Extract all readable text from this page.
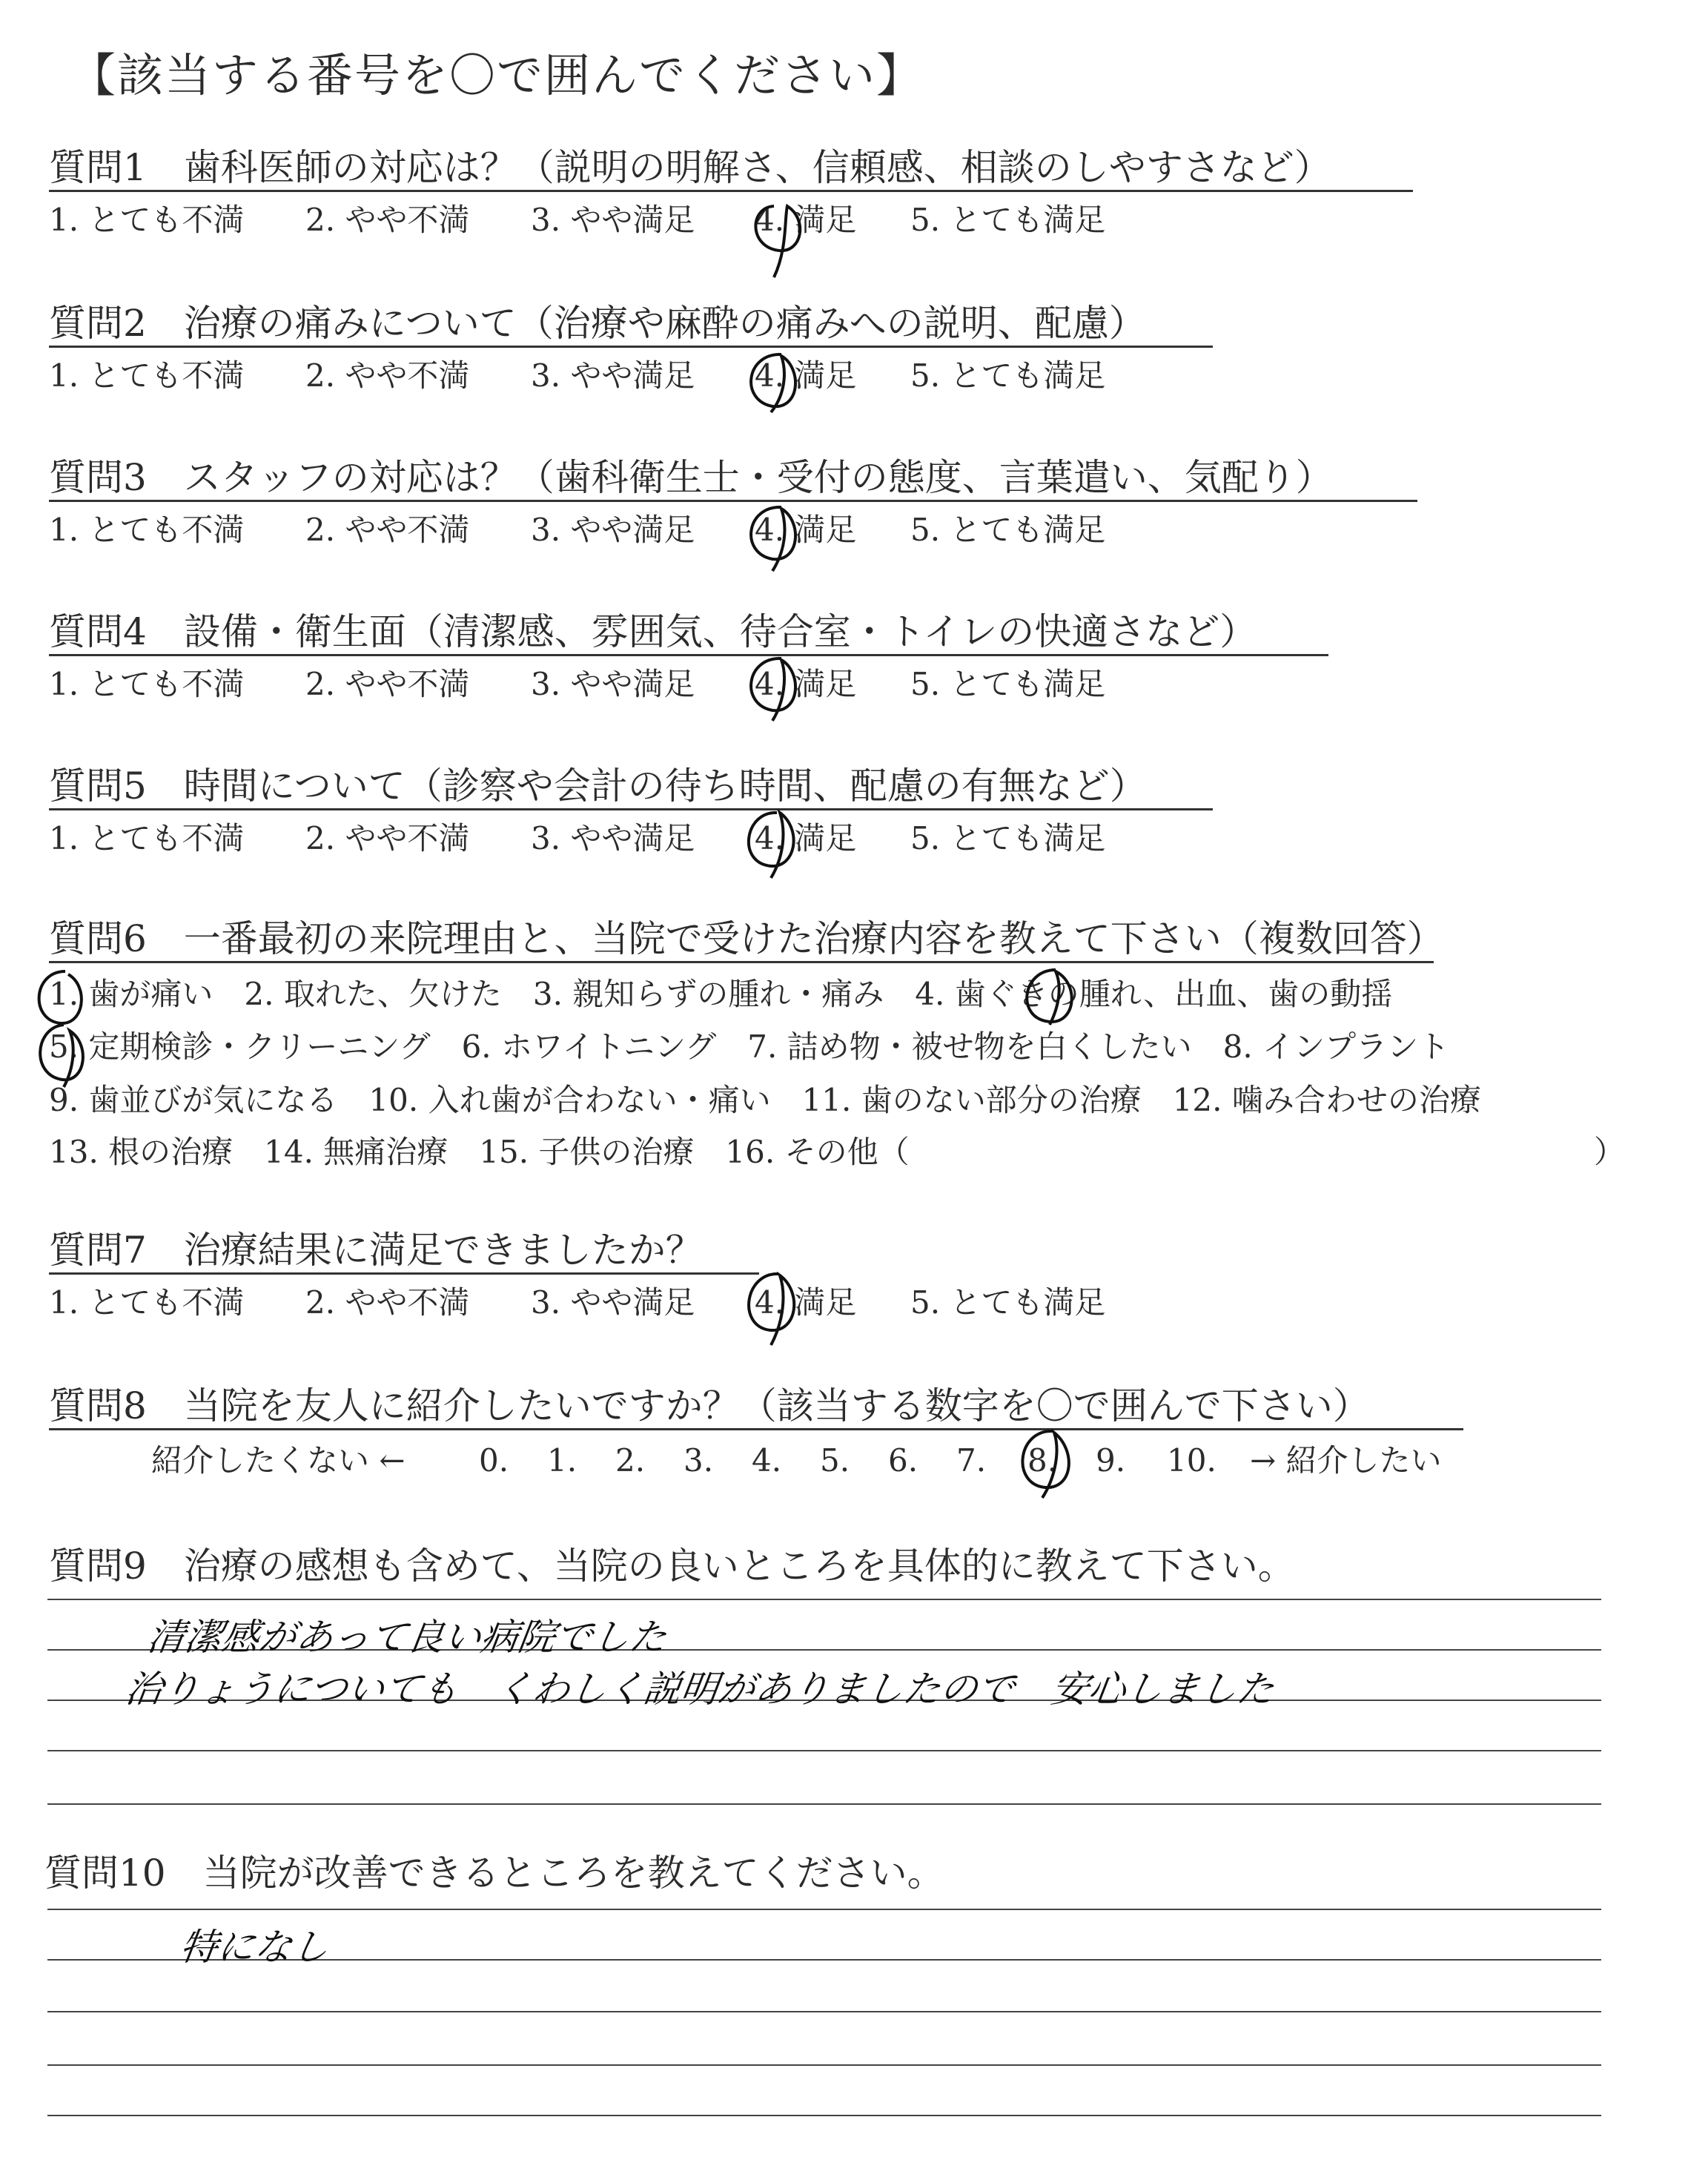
【該当する番号を〇で囲んでください】
質問1　歯科医師の対応は？（説明の明解さ、信頼感、相談のしやすさなど）
1. とても不満 2. やや不満 3. やや満足 4. 満足 5. とても満足
質問2　治療の痛みについて（治療や麻酔の痛みへの説明、配慮）
1. とても不満 2. やや不満 3. やや満足 4. 満足 5. とても満足
質問3　スタッフの対応は？（歯科衛生士・受付の態度、言葉遣い、気配り）
1. とても不満 2. やや不満 3. やや満足 4. 満足 5. とても満足
質問4　設備・衛生面（清潔感、雰囲気、待合室・トイレの快適さなど）
1. とても不満 2. やや不満 3. やや満足 4. 満足 5. とても満足
質問5　時間について（診察や会計の待ち時間、配慮の有無など）
1. とても不満 2. やや不満 3. やや満足 4. 満足 5. とても満足
質問6　一番最初の来院理由と、当院で受けた治療内容を教えて下さい（複数回答）
1. 歯が痛い　2. 取れた、欠けた　3. 親知らずの腫れ・痛み　4. 歯ぐきの腫れ、出血、歯の動揺
5. 定期検診・クリーニング　6. ホワイトニング　7. 詰め物・被せ物を白くしたい　8. インプラント
9. 歯並びが気になる　10. 入れ歯が合わない・痛い　11. 歯のない部分の治療　12. 噛み合わせの治療
13. 根の治療　14. 無痛治療　15. 子供の治療　16. その他（	）
質問7　治療結果に満足できましたか？
1. とても不満 2. やや不満 3. やや満足 4. 満足 5. とても満足
質問8　当院を友人に紹介したいですか？（該当する数字を〇で囲んで下さい）
紹介したくない ← 0. 1. 2. 3. 4. 5. 6. 7. 8. 9. 10. → 紹介したい
質問9　治療の感想も含めて、当院の良いところを具体的に教えて下さい。
清潔感があって良い病院でした
治りょうについても　くわしく説明がありましたので　安心しました
質問10　当院が改善できるところを教えてください。
特になし
